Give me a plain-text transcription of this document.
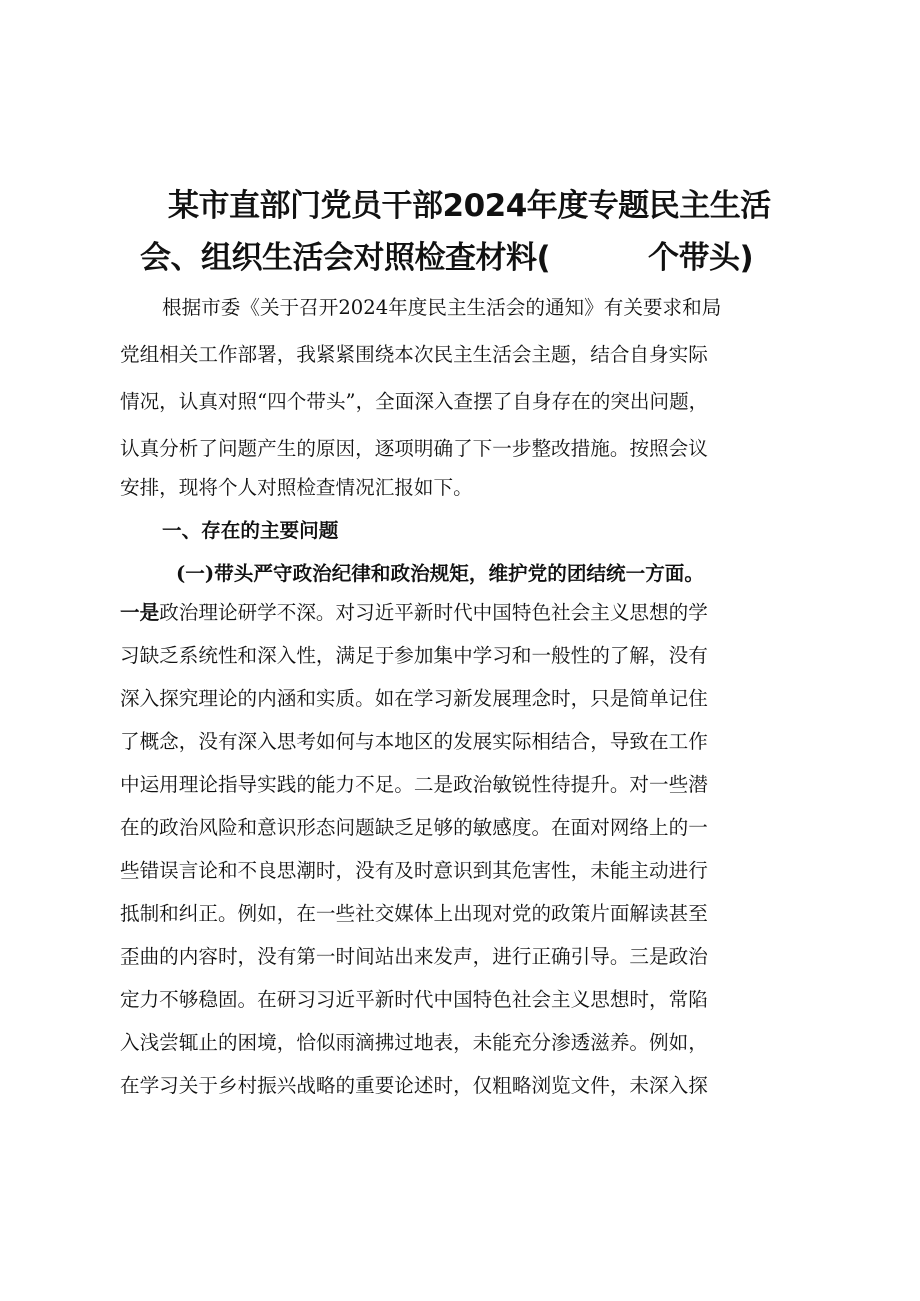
某市直部门党员干部2024年度专题民主生活
会、组织生活会对照检查材料(	个带头)

根据市委《关于召开2024年度民主生活会的通知》有关要求和局

党组相关工作部署，我紧紧围绕本次民主生活会主题，结合自身实际

情况，认真对照“四个带头”，全面深入查摆了自身存在的突出问题，

认真分析了问题产生的原因，逐项明确了下一步整改措施。按照会议

安排，现将个人对照检查情况汇报如下。

一、存在的主要问题

(一)带头严守政治纪律和政治规矩，维护党的团结统一方面。

一是政治理论研学不深。对习近平新时代中国特色社会主义思想的学

习缺乏系统性和深入性，满足于参加集中学习和一般性的了解，没有

深入探究理论的内涵和实质。如在学习新发展理念时，只是简单记住

了概念，没有深入思考如何与本地区的发展实际相结合，导致在工作

中运用理论指导实践的能力不足。二是政治敏锐性待提升。对一些潜

在的政治风险和意识形态问题缺乏足够的敏感度。在面对网络上的一

些错误言论和不良思潮时，没有及时意识到其危害性，未能主动进行

抵制和纠正。例如，在一些社交媒体上出现对党的政策片面解读甚至

歪曲的内容时，没有第一时间站出来发声，进行正确引导。三是政治

定力不够稳固。在研习习近平新时代中国特色社会主义思想时，常陷

入浅尝辄止的困境，恰似雨滴拂过地表，未能充分渗透滋养。例如，

在学习关于乡村振兴战略的重要论述时，仅粗略浏览文件，未深入探
